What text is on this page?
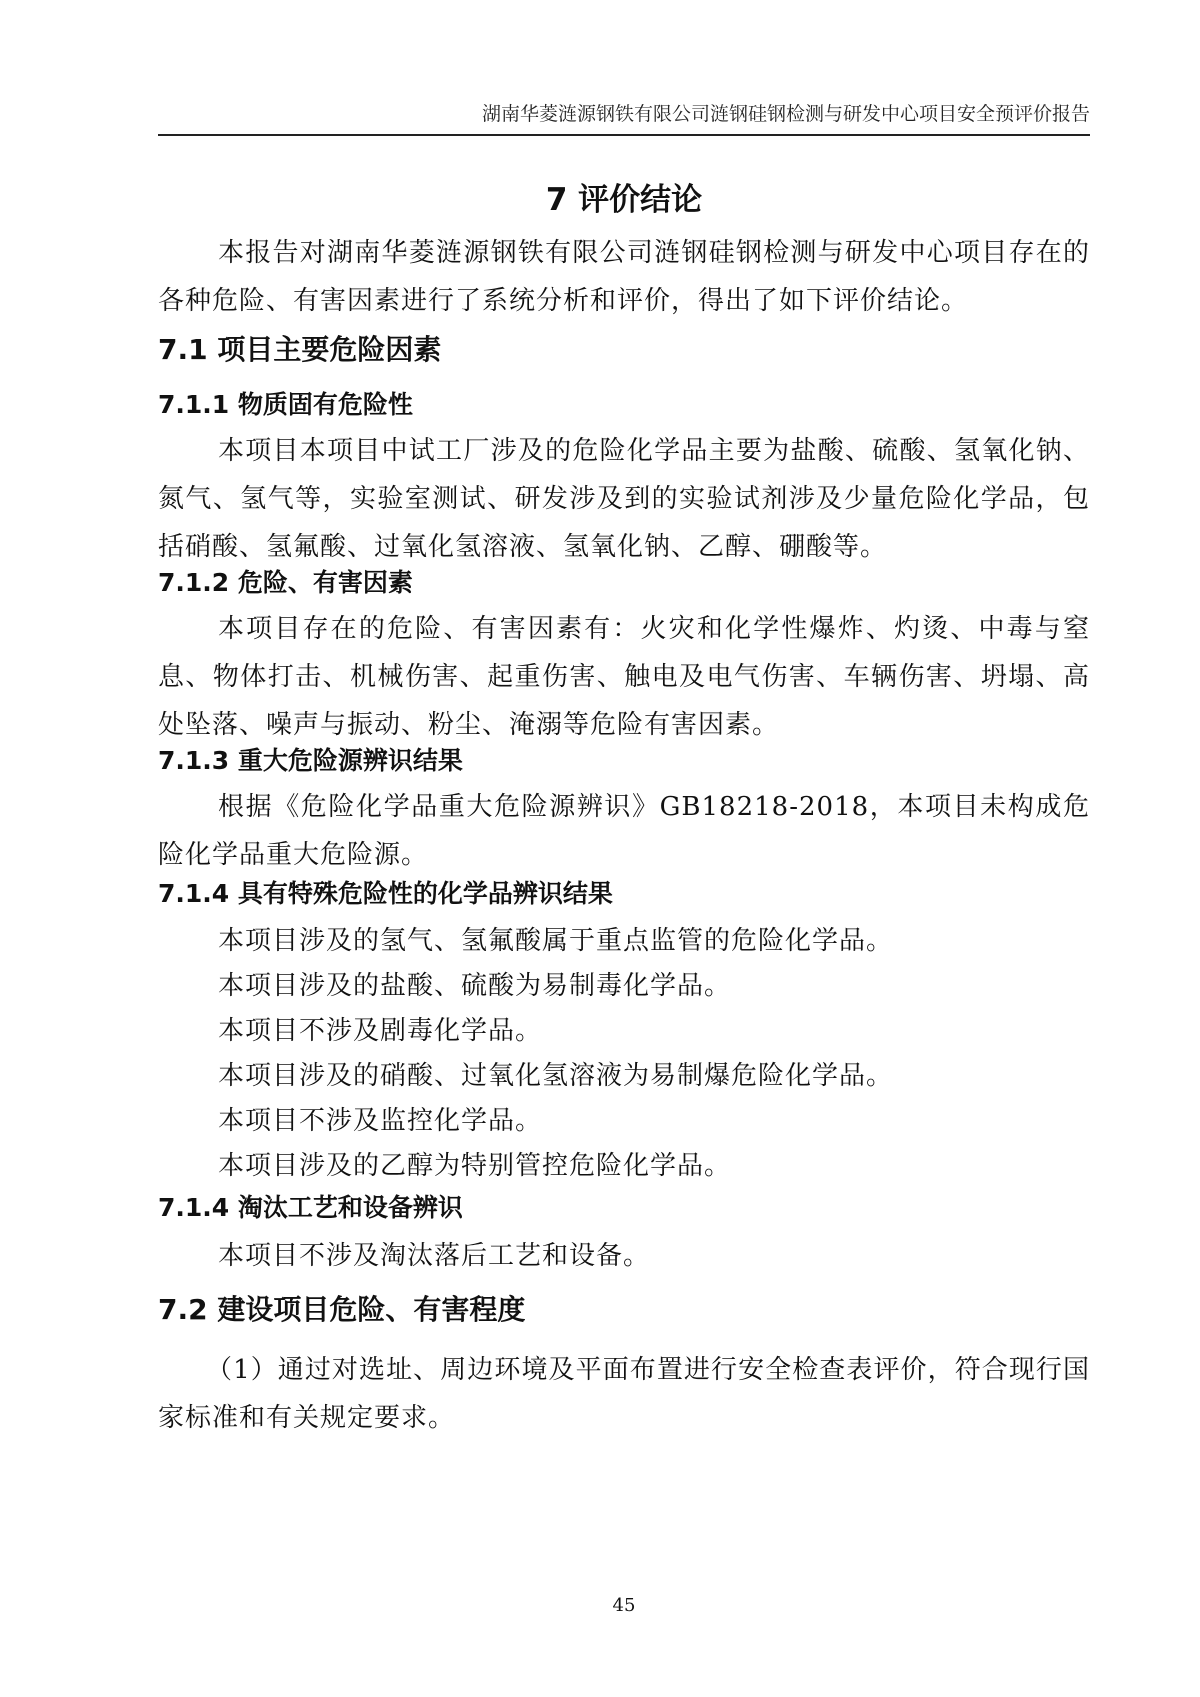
湖南华菱涟源钢铁有限公司涟钢硅钢检测与研发中心项目安全预评价报告
7 评价结论
本报告对湖南华菱涟源钢铁有限公司涟钢硅钢检测与研发中心项目存在的各种危险、有害因素进行了系统分析和评价，得出了如下评价结论。
7.1 项目主要危险因素
7.1.1 物质固有危险性
本项目本项目中试工厂涉及的危险化学品主要为盐酸、硫酸、氢氧化钠、氮气、氢气等，实验室测试、研发涉及到的实验试剂涉及少量危险化学品，包括硝酸、氢氟酸、过氧化氢溶液、氢氧化钠、乙醇、硼酸等。
7.1.2 危险、有害因素
本项目存在的危险、有害因素有：火灾和化学性爆炸、灼烫、中毒与窒息、物体打击、机械伤害、起重伤害、触电及电气伤害、车辆伤害、坍塌、高处坠落、噪声与振动、粉尘、淹溺等危险有害因素。
7.1.3 重大危险源辨识结果
根据《危险化学品重大危险源辨识》GB18218-2018，本项目未构成危险化学品重大危险源。
7.1.4 具有特殊危险性的化学品辨识结果
本项目涉及的氢气、氢氟酸属于重点监管的危险化学品。
本项目涉及的盐酸、硫酸为易制毒化学品。
本项目不涉及剧毒化学品。
本项目涉及的硝酸、过氧化氢溶液为易制爆危险化学品。
本项目不涉及监控化学品。
本项目涉及的乙醇为特别管控危险化学品。
7.1.4 淘汰工艺和设备辨识
本项目不涉及淘汰落后工艺和设备。
7.2 建设项目危险、有害程度
（1）通过对选址、周边环境及平面布置进行安全检查表评价，符合现行国家标准和有关规定要求。
45
